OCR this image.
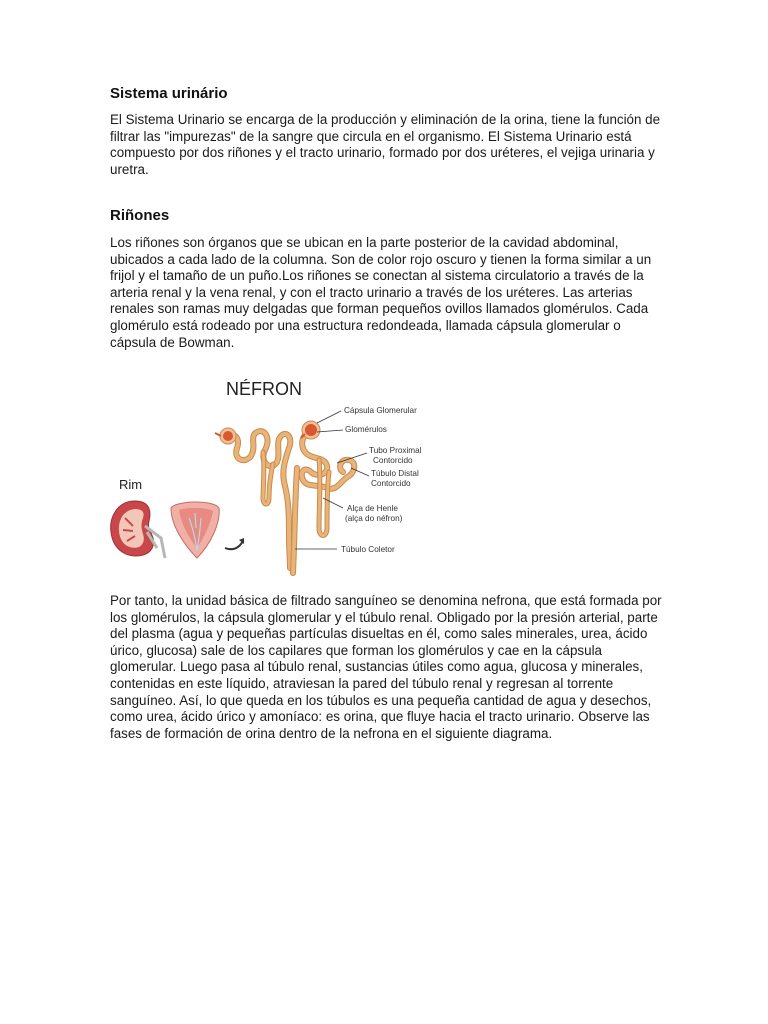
Sistema urinário

El Sistema Urinario se encarga de la producción y eliminación de la orina, tiene la función de filtrar las "impurezas" de la sangre que circula en el organismo. El Sistema Urinario está compuesto por dos riñones y el tracto urinario, formado por dos uréteres, el vejiga urinaria y uretra.

Riñones

Los riñones son órganos que se ubican en la parte posterior de la cavidad abdominal, ubicados a cada lado de la columna. Son de color rojo oscuro y tienen la forma similar a un frijol y el tamaño de un puño.Los riñones se conectan al sistema circulatorio a través de la arteria renal y la vena renal, y con el tracto urinario a través de los uréteres. Las arterias renales son ramas muy delgadas que forman pequeños ovillos llamados glomérulos. Cada glomérulo está rodeado por una estructura redondeada, llamada cápsula glomerular o cápsula de Bowman.

Por tanto, la unidad básica de filtrado sanguíneo se denomina nefrona, que está formada por los glomérulos, la cápsula glomerular y el túbulo renal. Obligado por la presión arterial, parte del plasma (agua y pequeñas partículas disueltas en él, como sales minerales, urea, ácido úrico, glucosa) sale de los capilares que forman los glomérulos y cae en la cápsula glomerular. Luego pasa al túbulo renal, sustancias útiles como agua, glucosa y minerales, contenidas en este líquido, atraviesan la pared del túbulo renal y regresan al torrente sanguíneo. Así, lo que queda en los túbulos es una pequeña cantidad de agua y desechos, como urea, ácido úrico y amoníaco: es orina, que fluye hacia el tracto urinario. Observe las fases de formación de orina dentro de la nefrona en el siguiente diagrama.

NÉFRON
Rim
Cápsula Glomerular
Glomérulos
Tubo Proximal
Contorcido
Túbulo Distal
Contorcido
Alça de Henle
(alça do néfron)
Túbulo Coletor
